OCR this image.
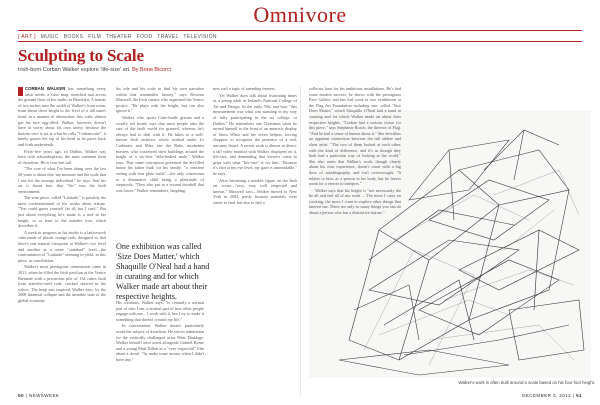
Omnivore
[ ART ] MUSIC BOOKS FILM THEATER FOOD TRAVEL TELEVISION
Sculpting to Scale
Irish-born Corban Walker explore 'life-size' art. By Bona Bicorci

CORBAN WALKER has something every artist needs: a critic map, stretched taut across the ground floor of his studio in Brooklyn. A barrier of two inches runs the width of Walker's front room, from about chest height to the level of a tall man's head, in a manner of abstraction: this critic almost got his face egg-rilled. Walker, however, doesn't have to worry about his own safety, because the bottom wire is set at what he calls "Corbanscale": it barely grazes the top of his head as he paces back and forth underneath.

Forty-five years ago, in Dublin, Walker was born with achondroplasia, the most common form of dwarfism. He is four feet tall.

"The core of what I've been doing over the last 20 years is about this: my measure and the scale that I use for the average individual," he says. And his art is about how that "fits" into the built environment.

The wire piece, called "Latitude," is possibly the most confrontational of his works about stature. "You could guess yourself [as it], but I can't." But just about everything he's made is a nod to his height, or at least to the number four, which describes it.

A week in progress in his studio is a latticework cube made of plastic orange rods, designed so that there's one natural viewpoint at Walker's eye level and another at a more "standard" level—the confrontation of "Latitude" seeming to yield, in this piece, to conciliation.

Walker's most prestigious commission came in 2011, when he filled the Irish pavilion at the Venice Biennale with a precarious pile of 134 cubes built from stainless-steel rods, stacked skewed in the valves. The heap was inspired, Walker says, by the 2008 financial collapse and the unstable state of the global economy.

his rule and his scale to find his own narrative within that minimalist history," says Rowena Maxwell, the Irish curator who organized the Venice project. "He plays with the height, but can also ignore it."

Walker, who sports Coke-bottle glasses and a scruffy red beard, says that most people take the size of the built world for granted, whereas he's always had to deal with it. He bikes to a well-known Irish architect who'd worked under Le Corbusier and Mies van der Rohe, modernist masters who conceived their buildings around the height of a six-foot "able-bodied male." Walker says. That same conception governed the art-filled house his father built for his family: "a concrete setting with four glass walls"—the only concession to a diminutive child being a plentitude of stepstools. "They also put in a second doorbell that was lower," Walker remembers, laughing.

One exhibition was called 'Size Does Matter,' which Shaquille O'Neal had a hand in curating and for which Walker made art about their respective heights.

His creations, Walker says, "is certainly a normal part of who I am, a normal part of how other people engage with me... I work with it, but I try to make it something that doesn't control my life."

In conversation, Walker doesn't particularly avoid the subject of dwarfism. He voices admiration for the vertically challenged actor Peter Dinklage. Walker himself once acted alongside Gabriel Byrne and a young Matt Dillon in a "very respectful" film about a dwarf. "Its make some money when I didn't have any."

new isn't a topic of unending interest.

Yet Walker does talk about frustrating times as a young adult at Ireland's National College of Art and Design. In the early '90s, and how "this measurement was what was standing in my way of fully participating in the art college, or Dublin." He remembers one Christmas when he turned himself to the front of an antarctic display of Snow White and her seven helpers, forcing shoppers to recognize the presence of a real, uncanny dwarf. A recent work is almost as direct: a tall video monitor with Walker displayed on it, life-size, and demanding that viewers come to grips with what "life-size" is for him. "Because it's shot at my eye level, my gaze is unavoidable," he says.

After becoming a notable figure on the Irish art scene—"very, very well respected and known," Maxwell says—Walker moved to New York in 2004, partly because materials were easier to find, but also to halt a

Walker's work is often built around a scale based on his four-foot height.

collector base for his ambitious installations. He's had some modest success; he shows with the prestigious Pace Gallery and has had work in two exhibitions at the Flag Art Foundation including one, called "Size Does Matter," which Shaquille O'Neal had a hand in curating and for which Walker made art about their respective heights. "Corban had a serious vision for this piece," says Stephanie Roach, the director of Flag. "And he had a sense of humor about it." She describes an apparent connection between the tall athlete and short artist. "The two of them looked at each other, with the kind of difference, and it's as though they both had a particular way of looking at the world." She also notes that Walker's work, though clearly about his own experience, doesn't come with a big dose of autobiography, and isn't overwrought. "It relates to him, as a person in his body, but he leaves room for a viewer to interpret."

Walker says that his height is "not necessarily the be all and end all of my work ... The more I carry on working, the more I want to explore other things that interest me. There are only so many things you can do about a person who has a distinctive stature."

50 | NEWSWEEK	DECEMBER 3, 2012 | 51
